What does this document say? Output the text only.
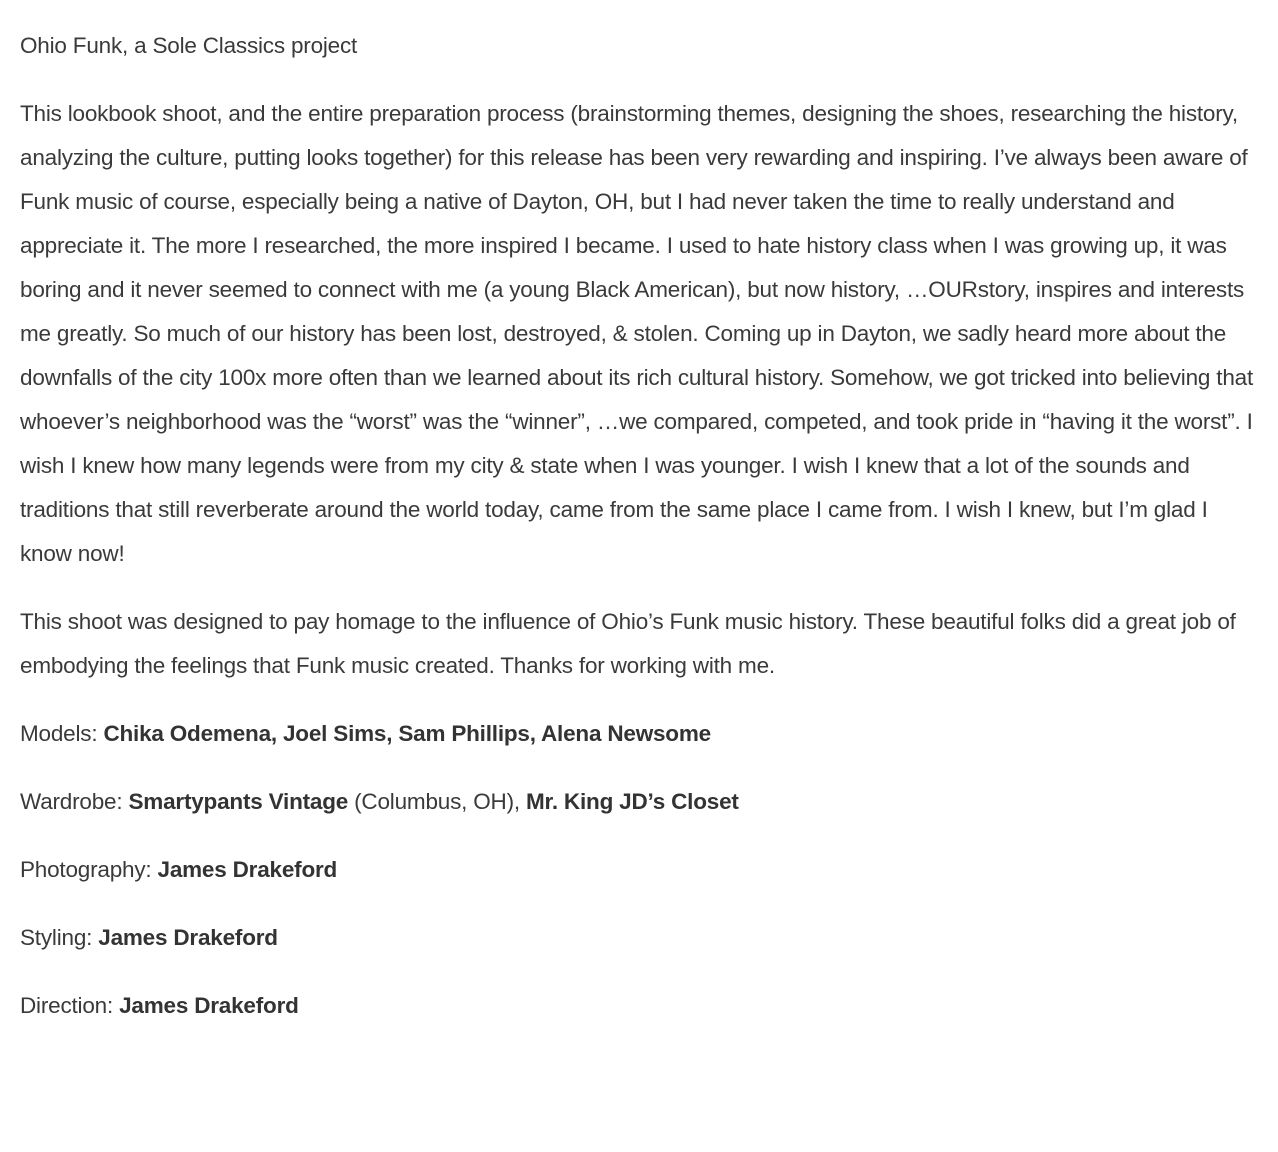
Ohio Funk, a Sole Classics project

This lookbook shoot, and the entire preparation process (brainstorming themes, designing the shoes, researching the history, analyzing the culture, putting looks together) for this release has been very rewarding and inspiring. I’ve always been aware of Funk music of course, especially being a native of Dayton, OH, but I had never taken the time to really understand and appreciate it. The more I researched, the more inspired I became. I used to hate history class when I was growing up, it was boring and it never seemed to connect with me (a young Black American), but now history, …OURstory, inspires and interests me greatly. So much of our history has been lost, destroyed, & stolen. Coming up in Dayton, we sadly heard more about the downfalls of the city 100x more often than we learned about its rich cultural history. Somehow, we got tricked into believing that whoever’s neighborhood was the “worst” was the “winner”, …we compared, competed, and took pride in “having it the worst”. I wish I knew how many legends were from my city & state when I was younger. I wish I knew that a lot of the sounds and traditions that still reverberate around the world today, came from the same place I came from. I wish I knew, but I’m glad I know now!

This shoot was designed to pay homage to the influence of Ohio’s Funk music history. These beautiful folks did a great job of embodying the feelings that Funk music created. Thanks for working with me.

Models: Chika Odemena, Joel Sims, Sam Phillips, Alena Newsome

Wardrobe: Smartypants Vintage (Columbus, OH), Mr. King JD’s Closet

Photography: James Drakeford

Styling: James Drakeford

Direction: James Drakeford
